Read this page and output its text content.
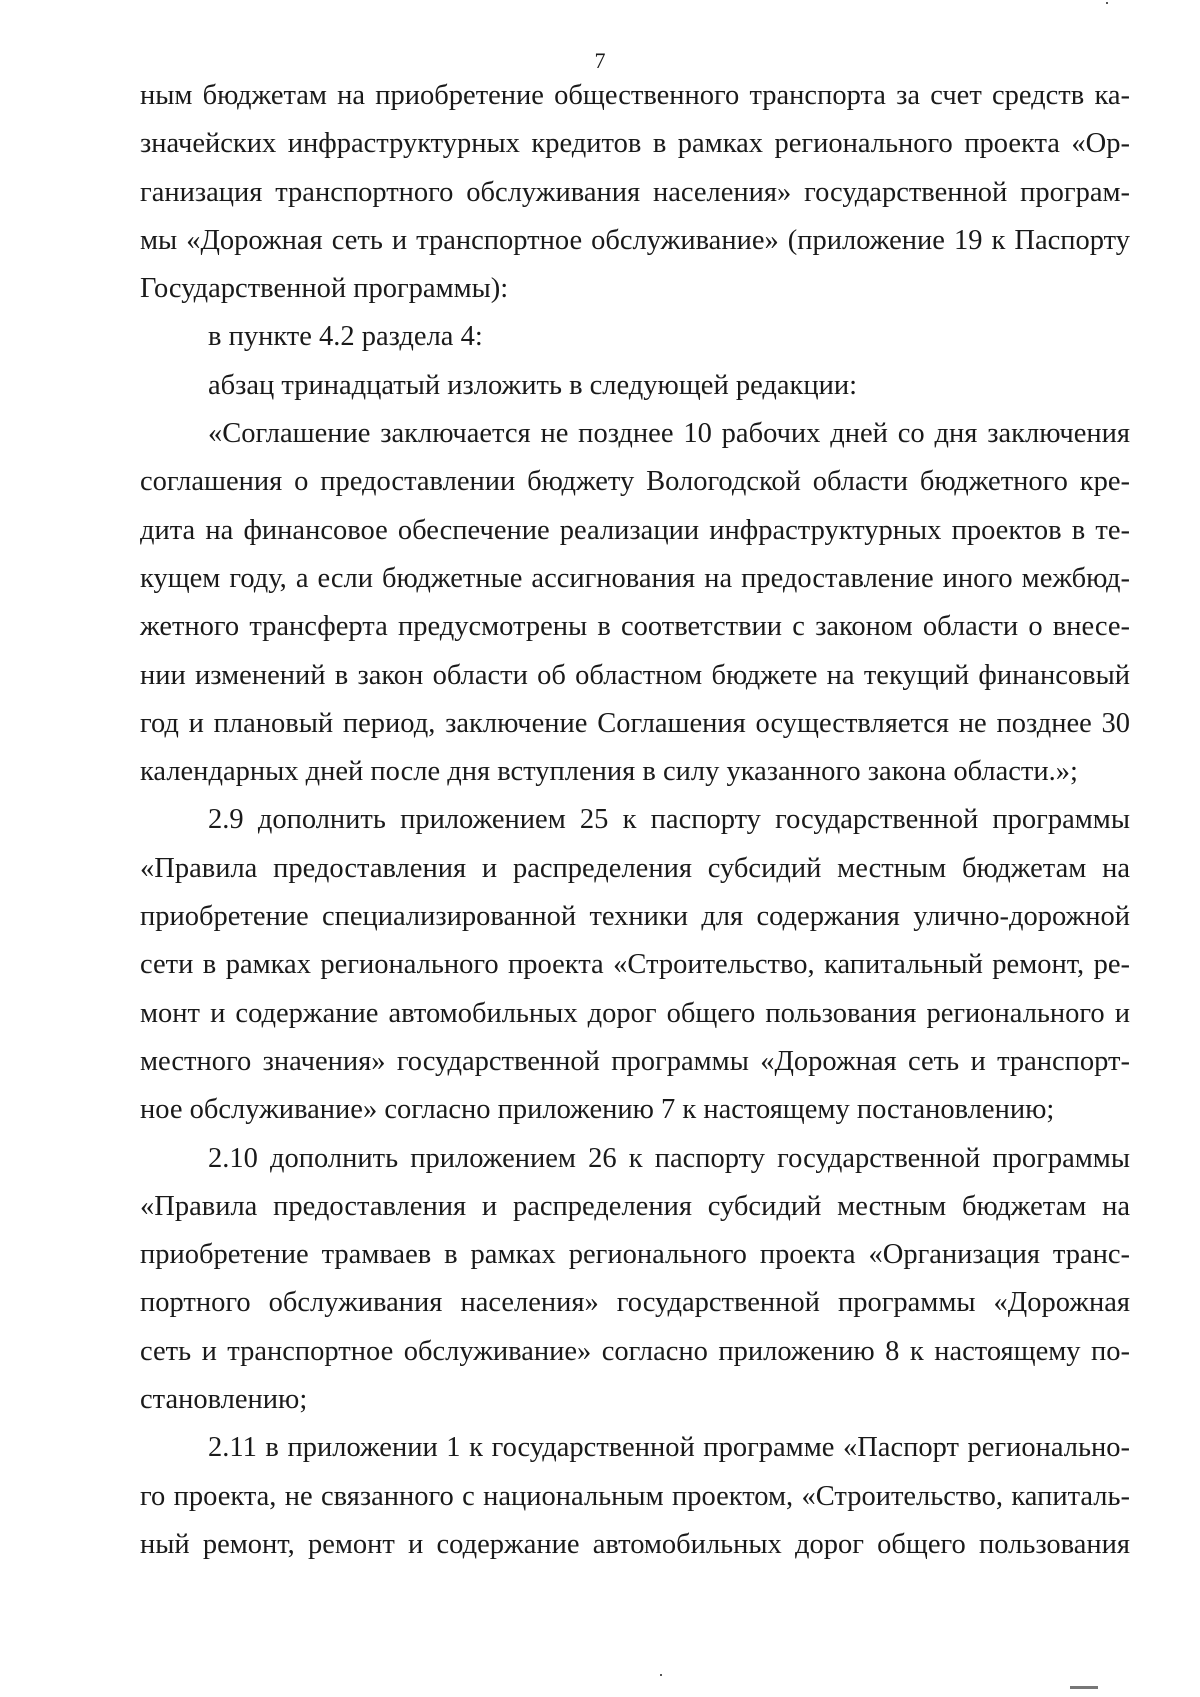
7
ным бюджетам на приобретение общественного транспорта за счет средств ка-
значейских инфраструктурных кредитов в рамках регионального проекта «Ор-
ганизация транспортного обслуживания населения» государственной програм-
мы «Дорожная сеть и транспортное обслуживание» (приложение 19 к Паспорту
Государственной программы):
в пункте 4.2 раздела 4:
абзац тринадцатый изложить в следующей редакции:
«Соглашение заключается не позднее 10 рабочих дней со дня заключения
соглашения о предоставлении бюджету Вологодской области бюджетного кре-
дита на финансовое обеспечение реализации инфраструктурных проектов в те-
кущем году, а если бюджетные ассигнования на предоставление иного межбюд-
жетного трансферта предусмотрены в соответствии с законом области о внесе-
нии изменений в закон области об областном бюджете на текущий финансовый
год и плановый период, заключение Соглашения осуществляется не позднее 30
календарных дней после дня вступления в силу указанного закона области.»;
2.9 дополнить приложением 25 к паспорту государственной программы
«Правила предоставления и распределения субсидий местным бюджетам на
приобретение специализированной техники для содержания улично-дорожной
сети в рамках регионального проекта «Строительство, капитальный ремонт, ре-
монт и содержание автомобильных дорог общего пользования регионального и
местного значения» государственной программы «Дорожная сеть и транспорт-
ное обслуживание» согласно приложению 7 к настоящему постановлению;
2.10 дополнить приложением 26 к паспорту государственной программы
«Правила предоставления и распределения субсидий местным бюджетам на
приобретение трамваев в рамках регионального проекта «Организация транс-
портного обслуживания населения» государственной программы «Дорожная
сеть и транспортное обслуживание» согласно приложению 8 к настоящему по-
становлению;
2.11 в приложении 1 к государственной программе «Паспорт регионально-
го проекта, не связанного с национальным проектом, «Строительство, капиталь-
ный ремонт, ремонт и содержание автомобильных дорог общего пользования
